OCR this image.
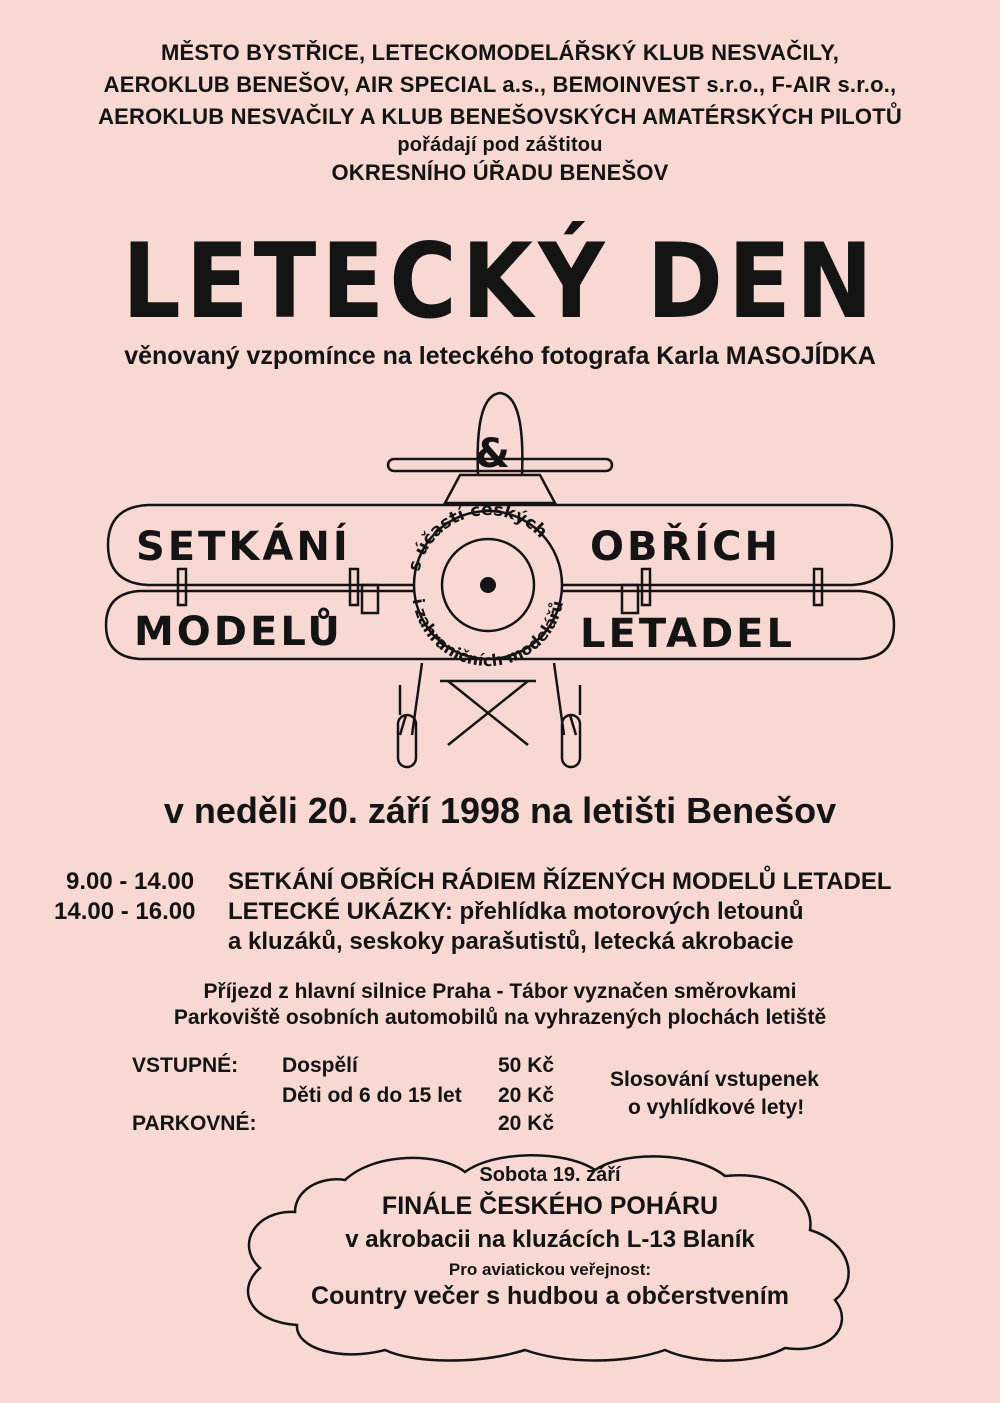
MĚSTO BYSTŘICE, LETECKOMODELÁŘSKÝ KLUB NESVAČILY,
AEROKLUB BENEŠOV, AIR SPECIAL a.s., BEMOINVEST s.r.o., F-AIR s.r.o.,
AEROKLUB NESVAČILY A KLUB BENEŠOVSKÝCH AMATÉRSKÝCH PILOTŮ
pořádají pod záštitou
OKRESNÍHO ÚŘADU BENEŠOV
LETECKÝ DEN
věnovaný vzpomínce na leteckého fotografa Karla MASOJÍDKA
SETKÁNÍ	OBŘÍCH
MODELŮ	LETADEL
&
s účastí českých
i zahraničních modelářů
v neděli 20. září 1998 na letišti Benešov
9.00 - 14.00 SETKÁNÍ OBŘÍCH RÁDIEM ŘÍZENÝCH MODELŮ LETADEL
14.00 - 16.00 LETECKÉ UKÁZKY: přehlídka motorových letounů
a kluzáků, seskoky parašutistů, letecká akrobacie
Příjezd z hlavní silnice Praha - Tábor vyznačen směrovkami
Parkoviště osobních automobilů na vyhrazených plochách letiště
VSTUPNÉ: Dospělí	50 Kč
Děti od 6 do 15 let 20 Kč
PARKOVNÉ:	20 Kč
Slosování vstupenek
o vyhlídkové lety!
Sobota 19. září
FINÁLE ČESKÉHO POHÁRU
v akrobacii na kluzácích L-13 Blaník
Pro aviatickou veřejnost:
Country večer s hudbou a občerstvením
